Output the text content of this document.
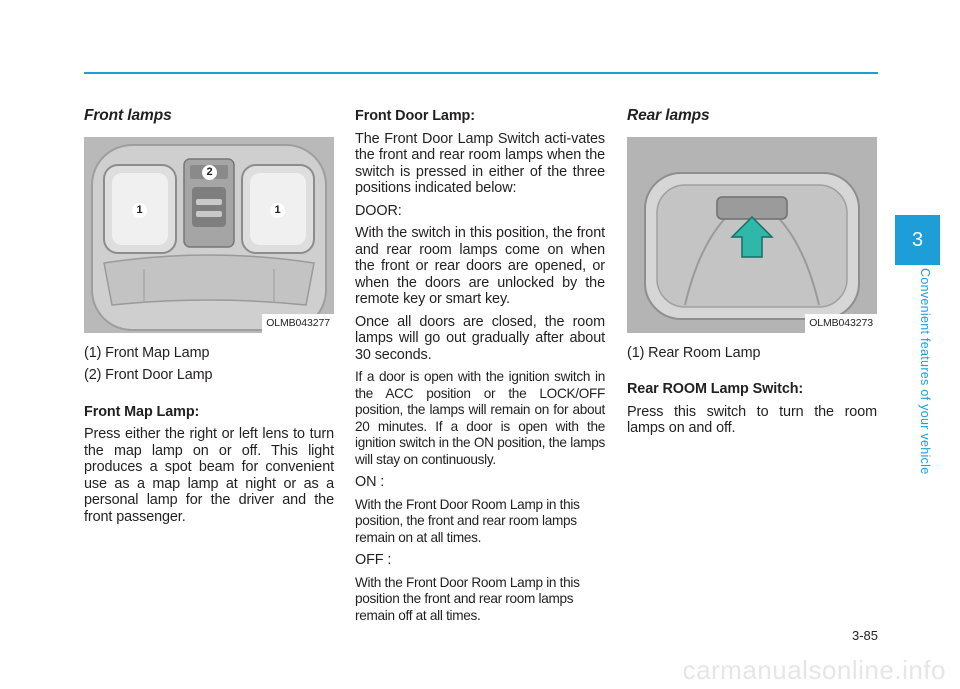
Front lamps
1	1
2
OLMB043277

(1) Front Map Lamp

(2) Front Door Lamp

Front Map Lamp:

Press either the right or left lens to turn the map lamp on or off. This light produces a spot beam for convenient use as a map lamp at night or as a personal lamp for the driver and the front passenger.

Front Door Lamp:

The Front Door Lamp Switch acti-vates the front and rear room lamps when the switch is pressed in either of the three positions indicated below:

DOOR:

With the switch in this position, the front and rear room lamps come on when the front or rear doors are opened, or when the doors are unlocked by the remote key or smart key.

Once all doors are closed, the room lamps will go out gradually after about 30 seconds.

If a door is open with the ignition switch in the ACC position or the LOCK/OFF position, the lamps will remain on for about 20 minutes. If a door is open with the ignition switch in the ON position, the lamps will stay on continuously.

ON :

With the Front Door Room Lamp in this position, the front and rear room lamps remain on at all times.

OFF :

With the Front Door Room Lamp in this position the front and rear room lamps remain off at all times.

Rear lamps
OLMB043273

(1) Rear Room Lamp

Rear ROOM Lamp Switch:

Press this switch to turn the room lamps on and off.

3
Convenient features of your vehicle
3-85
carmanualsonline.info
